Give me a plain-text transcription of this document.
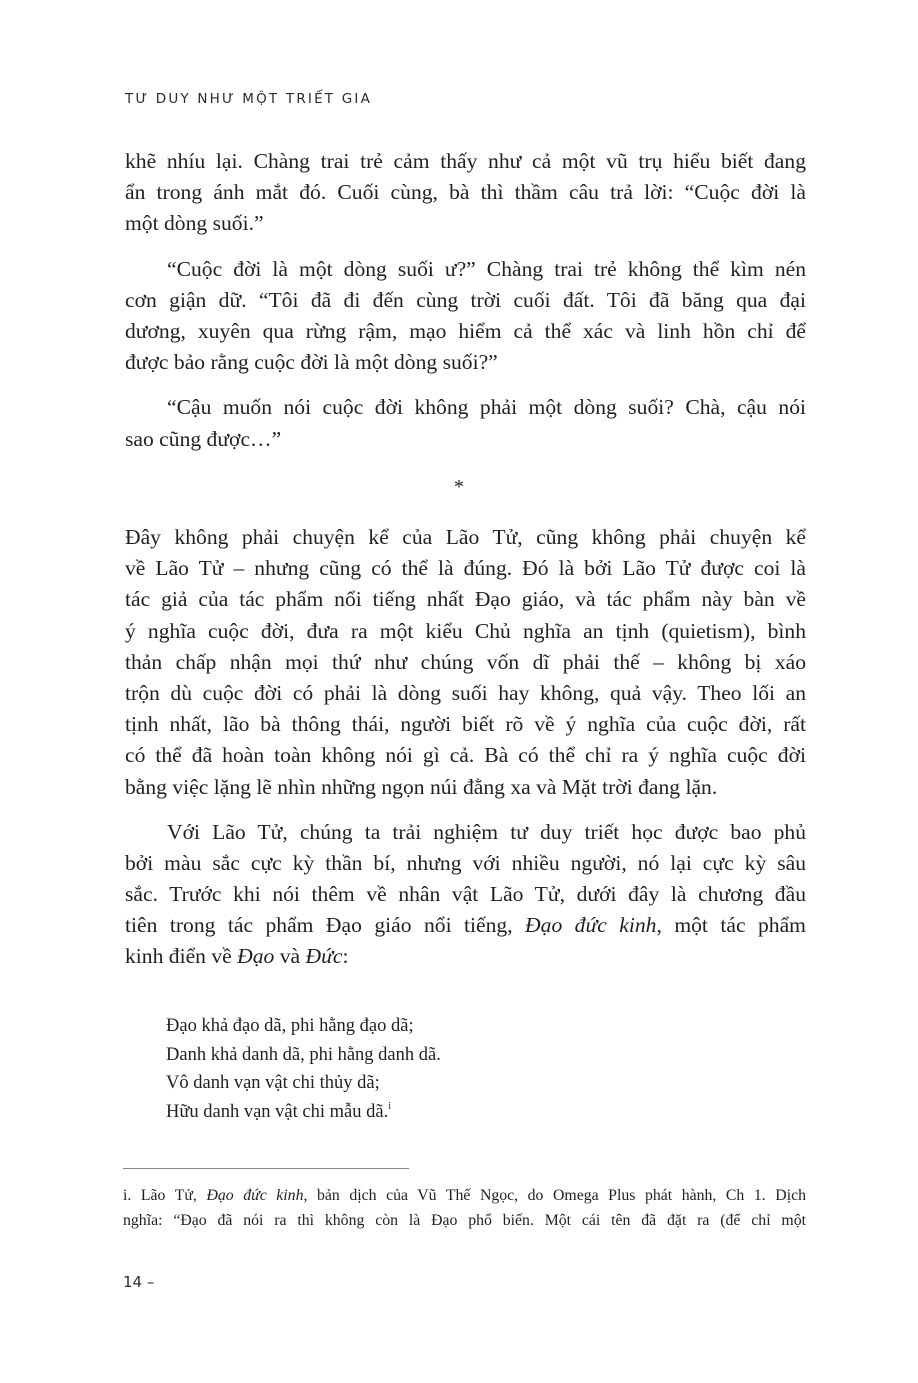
TƯ DUY NHƯ MỘT TRIẾT GIA
khẽ nhíu lại. Chàng trai trẻ cảm thấy như cả một vũ trụ hiểu biết đang
ẩn trong ánh mắt đó. Cuối cùng, bà thì thầm câu trả lời: “Cuộc đời là
một dòng suối.”
“Cuộc đời là một dòng suối ư?” Chàng trai trẻ không thể kìm nén
cơn giận dữ. “Tôi đã đi đến cùng trời cuối đất. Tôi đã băng qua đại
dương, xuyên qua rừng rậm, mạo hiểm cả thể xác và linh hồn chỉ để
được bảo rằng cuộc đời là một dòng suối?”
“Cậu muốn nói cuộc đời không phải một dòng suối? Chà, cậu nói
sao cũng được…”
*
Đây không phải chuyện kể của Lão Tử, cũng không phải chuyện kể
về Lão Tử – nhưng cũng có thể là đúng. Đó là bởi Lão Tử được coi là
tác giả của tác phẩm nổi tiếng nhất Đạo giáo, và tác phẩm này bàn về
ý nghĩa cuộc đời, đưa ra một kiểu Chủ nghĩa an tịnh (quietism), bình
thản chấp nhận mọi thứ như chúng vốn dĩ phải thế – không bị xáo
trộn dù cuộc đời có phải là dòng suối hay không, quả vậy. Theo lối an
tịnh nhất, lão bà thông thái, người biết rõ về ý nghĩa của cuộc đời, rất
có thể đã hoàn toàn không nói gì cả. Bà có thể chỉ ra ý nghĩa cuộc đời
bằng việc lặng lẽ nhìn những ngọn núi đằng xa và Mặt trời đang lặn.
Với Lão Tử, chúng ta trải nghiệm tư duy triết học được bao phủ
bởi màu sắc cực kỳ thần bí, nhưng với nhiều người, nó lại cực kỳ sâu
sắc. Trước khi nói thêm về nhân vật Lão Tử, dưới đây là chương đầu
tiên trong tác phẩm Đạo giáo nổi tiếng, Đạo đức kinh, một tác phẩm
kinh điển về Đạo và Đức:
Đạo khả đạo dã, phi hằng đạo dã;
Danh khả danh dã, phi hằng danh dã.
Vô danh vạn vật chi thủy dã;
Hữu danh vạn vật chi mẫu dã.$^i$
i. Lão Tử, Đạo đức kinh, bản dịch của Vũ Thế Ngọc, do Omega Plus phát hành, Ch 1. Dịch
nghĩa: “Đạo đã nói ra thì không còn là Đạo phổ biến. Một cái tên đã đặt ra (để chỉ một
14 –
